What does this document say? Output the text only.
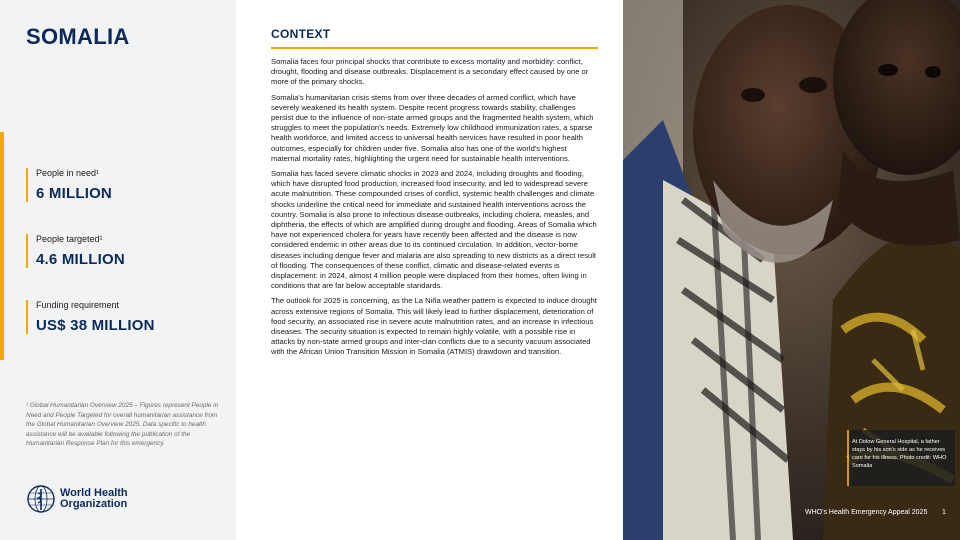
SOMALIA
People in need¹
6 MILLION
People targeted¹
4.6 MILLION
Funding requirement
US$ 38 MILLION
¹ Global Humanitarian Overview 2025 – Figures represent People in Need and People Targeted for overall humanitarian assistance from the Global Humanitarian Overview 2025. Data specific to health assistance will be available following the publication of the Humanitarian Response Plan for this emergency.
World Health
Organization
CONTEXT

Somalia faces four principal shocks that contribute to excess mortality and morbidity: conflict, drought, flooding and disease outbreaks. Displacement is a secondary effect caused by one or more of the primary shocks.

Somalia's humanitarian crisis stems from over three decades of armed conflict, which have severely weakened its health system. Despite recent progress towards stability, challenges persist due to the influence of non-state armed groups and the fragmented health system, which struggles to meet the population's needs. Extremely low childhood immunization rates, a sparse health workforce, and limited access to universal health services have resulted in poor health outcomes, especially for children under five. Somalia also has one of the world's highest maternal mortality rates, highlighting the urgent need for sustainable health interventions.

Somalia has faced severe climatic shocks in 2023 and 2024, including droughts and flooding, which have disrupted food production, increased food insecurity, and led to widespread severe acute malnutrition. These compounded crises of conflict, systemic health challenges and climate shocks underline the critical need for immediate and sustained health interventions across the country. Somalia is also prone to infectious disease outbreaks, including cholera, measles, and diphtheria, the effects of which are amplified during drought and flooding. Areas of Somalia which have not experienced cholera for years have recently been affected and the disease is now considered endemic in other areas due to its continued circulation. In addition, vector-borne diseases including dengue fever and malaria are also spreading to new districts as a direct result of flooding. The consequences of these conflict, climatic and disease-related events is displacement: in 2024, almost 4 million people were displaced from their homes, often living in conditions that are far below acceptable standards.

The outlook for 2025 is concerning, as the La Niña weather pattern is expected to induce drought across extensive regions of Somalia. This will likely lead to further displacement, deterioration of food security, an associated rise in severe acute malnutrition rates, and an increase in infectious diseases. The security situation is expected to remain highly volatile, with a possible rise in attacks by non-state armed groups and inter-clan conflicts due to a security vacuum associated with the African Union Transition Mission in Somalia (ATMIS) drawdown and transition.

At Dolow General Hospital, a father stays by his son's side as he receives care for his illness. Photo credit: WHO Somalia
WHO's Health Emergency Appeal 2025 1
